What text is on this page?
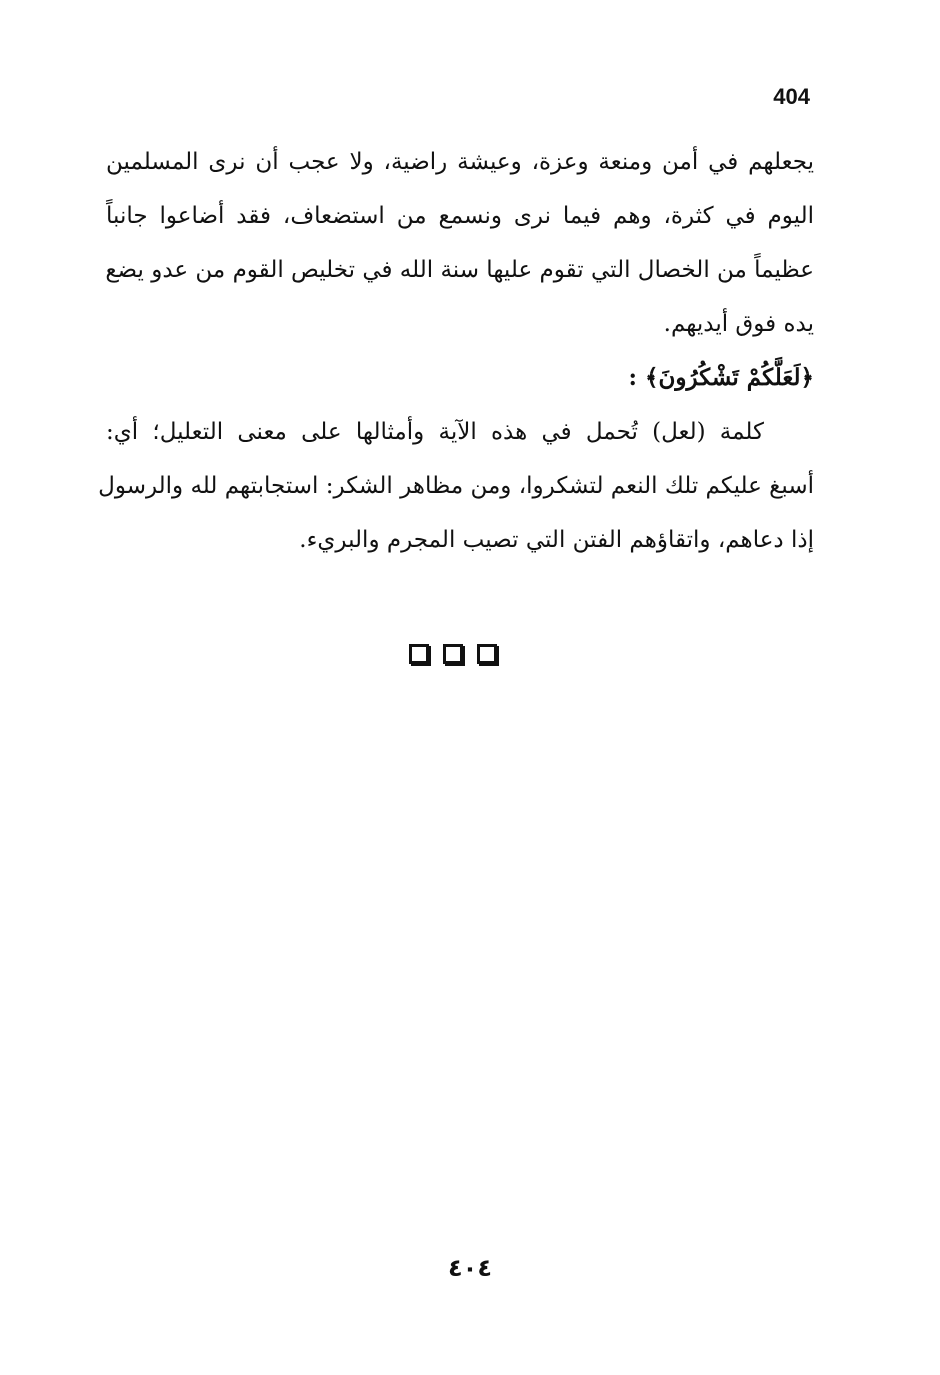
404
يجعلهم في أمن ومنعة وعزة، وعيشة راضية، ولا عجب أن نرى المسلمين
اليوم في كثرة، وهم فيما نرى ونسمع من استضعاف، فقد أضاعوا جانباً
عظيماً من الخصال التي تقوم عليها سنة الله في تخليص القوم من عدو يضع
يده فوق أيديهم.
﴿لَعَلَّكُمْ تَشْكُرُونَ﴾ :
كلمة (لعل) تُحمل في هذه الآية وأمثالها على معنى التعليل؛ أي:
أسبغ عليكم تلك النعم لتشكروا، ومن مظاهر الشكر: استجابتهم لله والرسول
إذا دعاهم، واتقاؤهم الفتن التي تصيب المجرم والبريء.
٤٠٤
